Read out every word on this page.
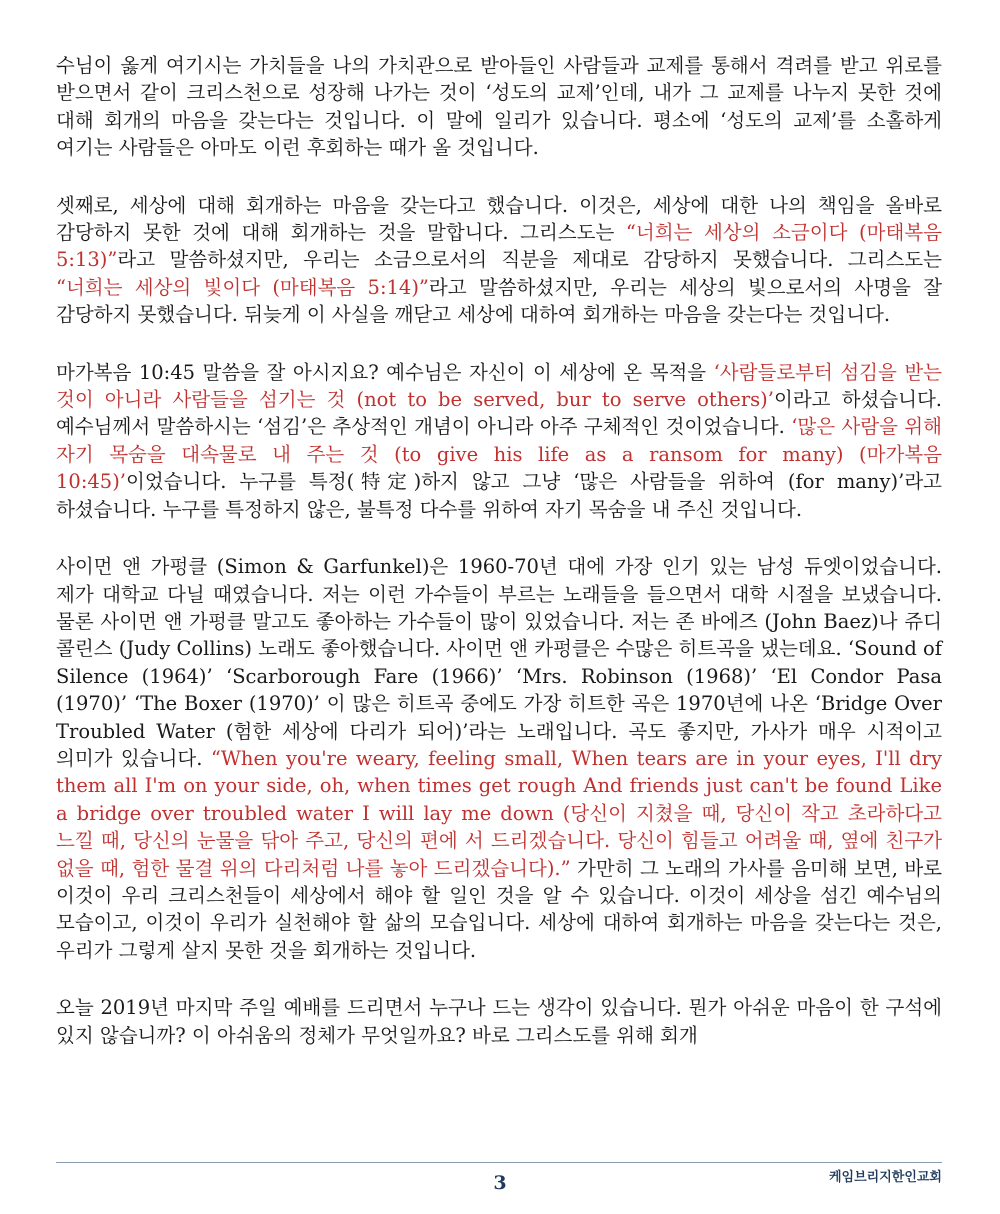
수님이 옳게 여기시는 가치들을 나의 가치관으로 받아들인 사람들과 교제를 통해서 격려를 받고 위로를 받으면서 같이 크리스천으로 성장해 나가는 것이 ‘성도의 교제’인데, 내가 그 교제를 나누지 못한 것에 대해 회개의 마음을 갖는다는 것입니다. 이 말에 일리가 있습니다. 평소에 ‘성도의 교제’를 소홀하게 여기는 사람들은 아마도 이런 후회하는 때가 올 것입니다.

셋째로, 세상에 대해 회개하는 마음을 갖는다고 했습니다. 이것은, 세상에 대한 나의 책임을 올바로 감당하지 못한 것에 대해 회개하는 것을 말합니다. 그리스도는 “너희는 세상의 소금이다 (마태복음 5:13)”라고 말씀하셨지만, 우리는 소금으로서의 직분을 제대로 감당하지 못했습니다. 그리스도는 “너희는 세상의 빛이다 (마태복음 5:14)”라고 말씀하셨지만, 우리는 세상의 빛으로서의 사명을 잘 감당하지 못했습니다. 뒤늦게 이 사실을 깨닫고 세상에 대하여 회개하는 마음을 갖는다는 것입니다.

마가복음 10:45 말씀을 잘 아시지요? 예수님은 자신이 이 세상에 온 목적을 ‘사람들로부터 섬김을 받는 것이 아니라 사람들을 섬기는 것 (not to be served, bur to serve others)’이라고 하셨습니다. 예수님께서 말씀하시는 ‘섬김’은 추상적인 개념이 아니라 아주 구체적인 것이었습니다. ‘많은 사람을 위해 자기 목숨을 대속물로 내 주는 것 (to give his life as a ransom for many) (마가복음 10:45)’이었습니다. 누구를 특정(特定)하지 않고 그냥 ‘많은 사람들을 위하여 (for many)’라고 하셨습니다. 누구를 특정하지 않은, 불특정 다수를 위하여 자기 목숨을 내 주신 것입니다.

사이먼 앤 가펑클 (Simon & Garfunkel)은 1960-70년 대에 가장 인기 있는 남성 듀엣이었습니다. 제가 대학교 다닐 때였습니다. 저는 이런 가수들이 부르는 노래들을 들으면서 대학 시절을 보냈습니다. 물론 사이먼 앤 가펑클 말고도 좋아하는 가수들이 많이 있었습니다. 저는 존 바에즈 (John Baez)나 쥬디 콜린스 (Judy Collins) 노래도 좋아했습니다. 사이먼 앤 카펑클은 수많은 히트곡을 냈는데요. ‘Sound of Silence (1964)’ ‘Scarborough Fare (1966)’ ‘Mrs. Robinson (1968)’ ‘El Condor Pasa (1970)’ ‘The Boxer (1970)’ 이 많은 히트곡 중에도 가장 히트한 곡은 1970년에 나온 ‘Bridge Over Troubled Water (험한 세상에 다리가 되어)’라는 노래입니다. 곡도 좋지만, 가사가 매우 시적이고 의미가 있습니다. “When you're weary, feeling small, When tears are in your eyes, I'll dry them all I'm on your side, oh, when times get rough And friends just can't be found Like a bridge over troubled water I will lay me down (당신이 지쳤을 때, 당신이 작고 초라하다고 느낄 때, 당신의 눈물을 닦아 주고, 당신의 편에 서 드리겠습니다. 당신이 힘들고 어려울 때, 옆에 친구가 없을 때, 험한 물결 위의 다리처럼 나를 놓아 드리겠습니다).” 가만히 그 노래의 가사를 음미해 보면, 바로 이것이 우리 크리스천들이 세상에서 해야 할 일인 것을 알 수 있습니다. 이것이 세상을 섬긴 예수님의 모습이고, 이것이 우리가 실천해야 할 삶의 모습입니다. 세상에 대하여 회개하는 마음을 갖는다는 것은, 우리가 그렇게 살지 못한 것을 회개하는 것입니다.

오늘 2019년 마지막 주일 예배를 드리면서 누구나 드는 생각이 있습니다. 뭔가 아쉬운 마음이 한 구석에 있지 않습니까? 이 아쉬움의 정체가 무엇일까요? 바로 그리스도를 위해 회개

케임브리지한인교회
3
